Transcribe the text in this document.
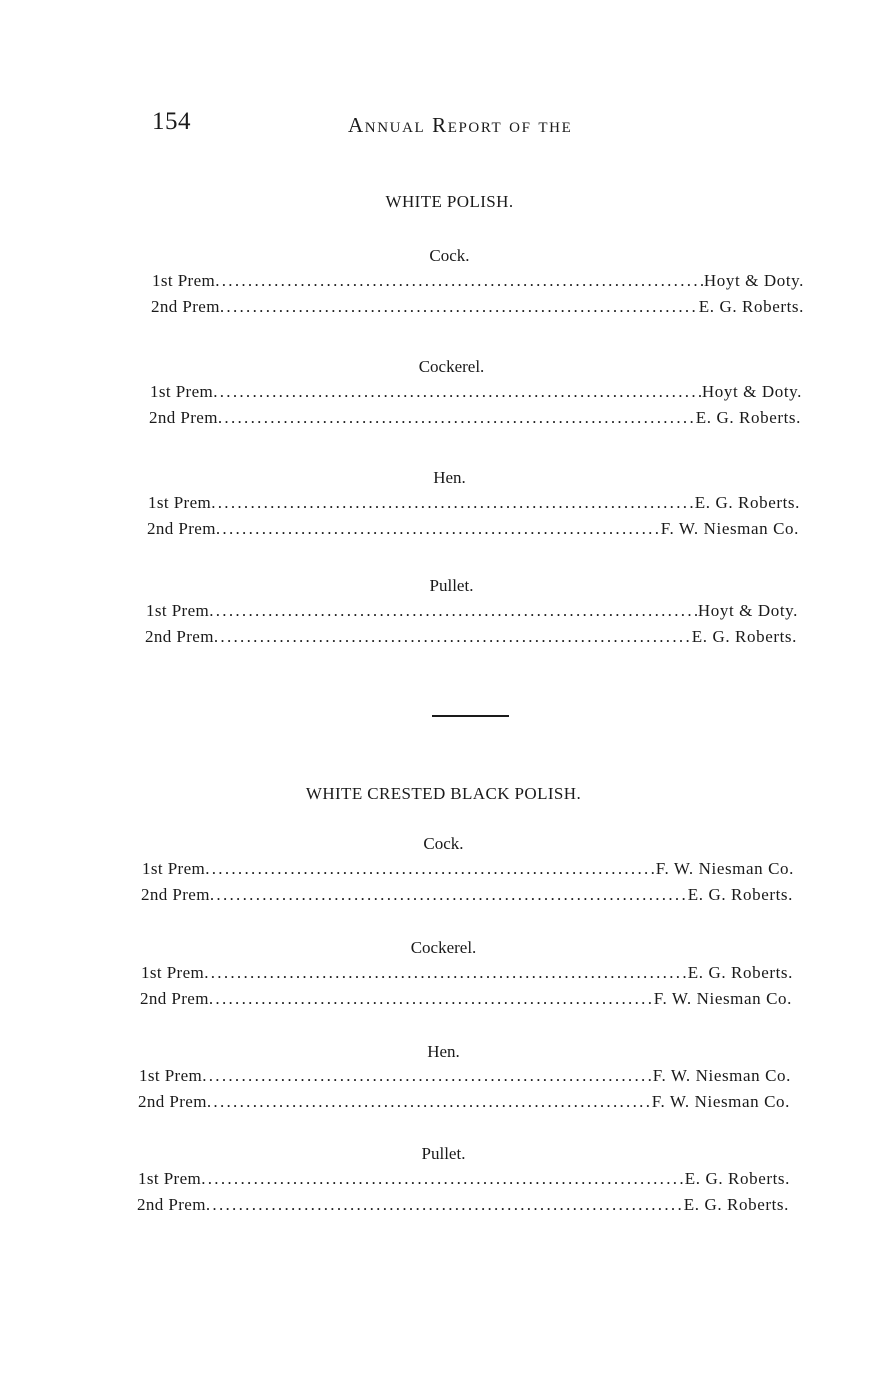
154	Annual Report of the
WHITE POLISH.
Cock.
1st Prem .....	Hoyt & Doty.
2nd Prem .....	E. G. Roberts.
Cockerel.
1st Prem .....	Hoyt & Doty.
2nd Prem .....	E. G. Roberts.
Hen.
1st Prem .....	E. G. Roberts.
2nd Prem .....	F. W. Niesman Co.
Pullet.
1st Prem .....	Hoyt & Doty.
2nd Prem .....	E. G. Roberts.
WHITE CRESTED BLACK POLISH.
Cock.
1st Prem .....	F. W. Niesman Co.
2nd Prem .....	E. G. Roberts.
Cockerel.
1st Prem .....	E. G. Roberts.
2nd Prem .....	F. W. Niesman Co.
Hen.
1st Prem .....	F. W. Niesman Co.
2nd Prem .....	F. W. Niesman Co.
Pullet.
1st Prem .....	E. G. Roberts.
2nd Prem .....	E. G. Roberts.
